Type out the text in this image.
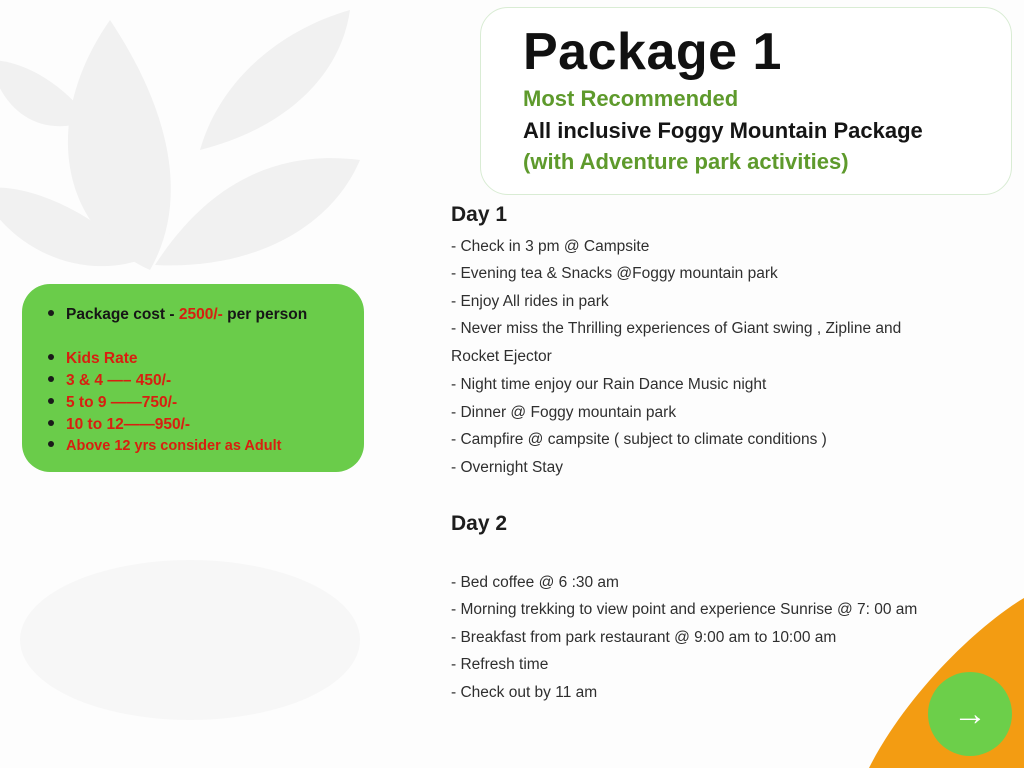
Package 1
Most Recommended
All inclusive Foggy Mountain Package
(with Adventure park activities)
Package cost - 2500/- per person
Kids Rate
3 & 4 —– 450/-
5 to 9 ——750/-
10 to 12——950/-
Above 12 yrs consider as Adult
Day 1
- Check in 3 pm @ Campsite
- Evening tea & Snacks @Foggy mountain park
- Enjoy All rides in park
- Never miss the Thrilling experiences of Giant swing , Zipline and
Rocket Ejector
- Night time enjoy our Rain Dance Music night
- Dinner @ Foggy mountain park
- Campfire @ campsite ( subject to climate conditions )
- Overnight Stay
Day 2
- Bed coffee @ 6 :30 am
- Morning trekking to view point and experience Sunrise @ 7: 00 am
- Breakfast from park restaurant @ 9:00 am to 10:00 am
- Refresh time
- Check out by 11 am
→
